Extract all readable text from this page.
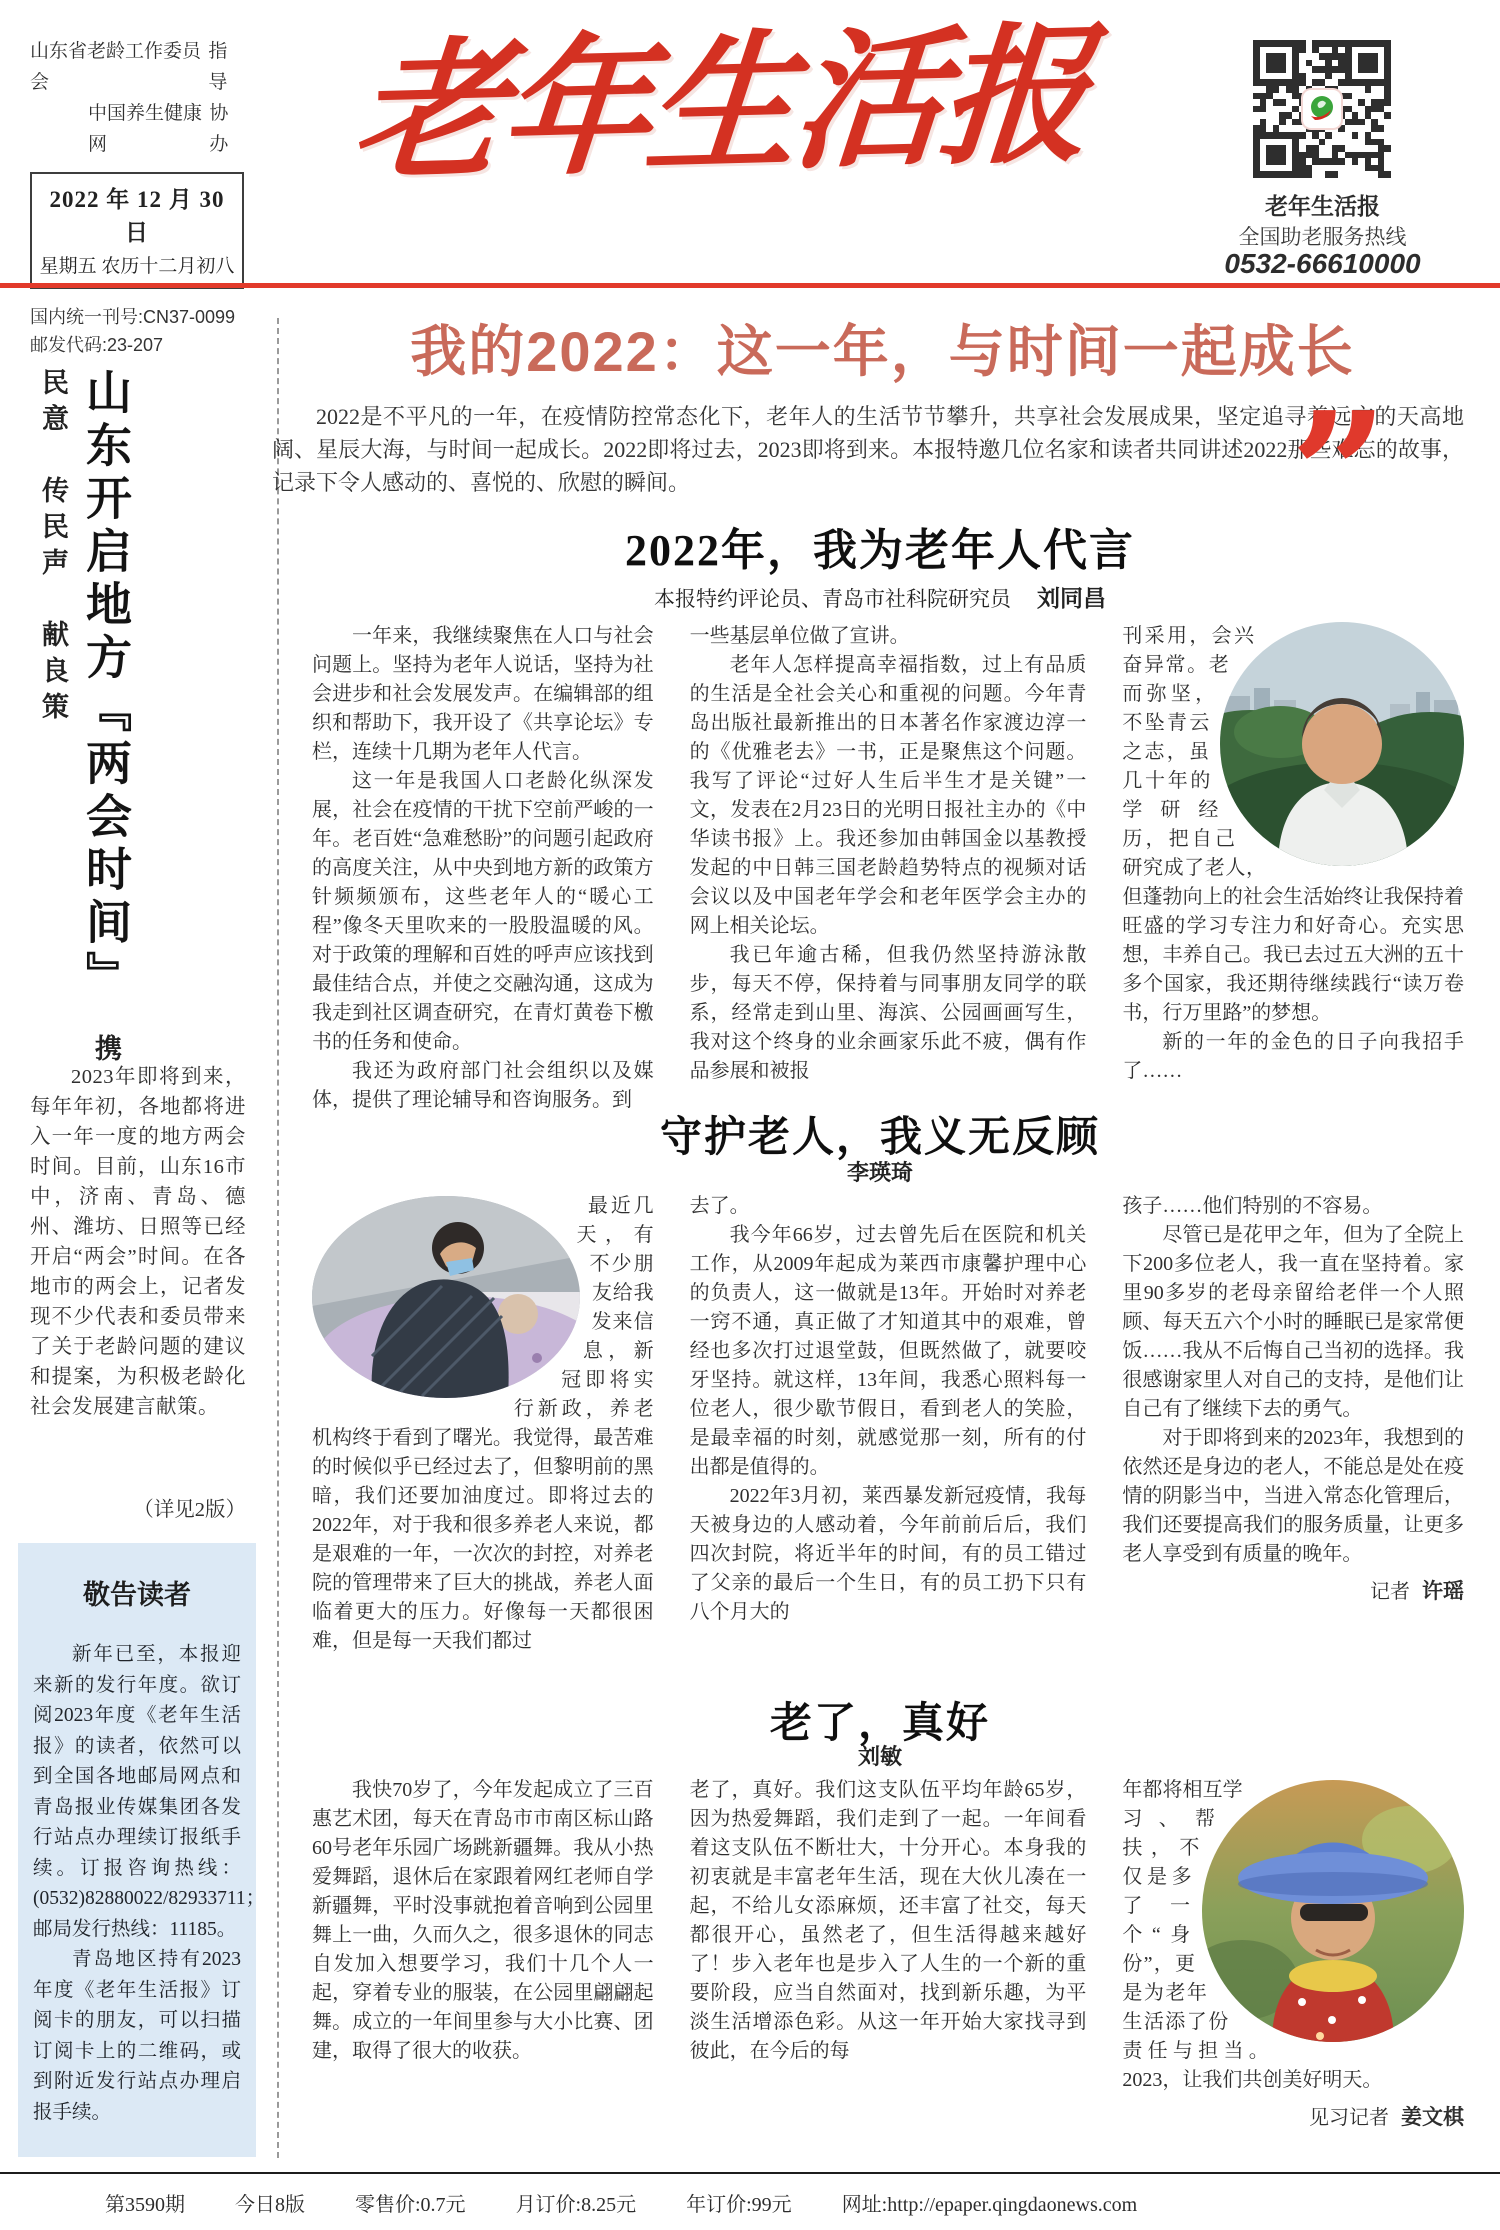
山东省老龄工作委员会
指导
中国养生健康网
协办
2022 年 12 月 30 日
星期五 农历十二月初八
国内统一刊号:CN37-0099
邮发代码:23-207
老年生活报
老年生活报
全国助老服务热线
0532-66610000
山东开启地方『两会时间』 携民意　传民声　献良策
2023年即将到来，每年年初，各地都将进入一年一度的地方两会时间。目前，山东16市中，济南、青岛、德州、潍坊、日照等已经开启“两会”时间。在各地市的两会上，记者发现不少代表和委员带来了关于老龄问题的建议和提案，为积极老龄化社会发展建言献策。
（详见2版）
敬告读者

新年已至，本报迎来新的发行年度。欲订阅2023年度《老年生活报》的读者，依然可以到全国各地邮局网点和青岛报业传媒集团各发行站点办理续订报纸手续。订报咨询热线：(0532)82880022/82933711；邮局发行热线：11185。

青岛地区持有2023年度《老年生活报》订阅卡的朋友，可以扫描订阅卡上的二维码，或到附近发行站点办理启报手续。

我的2022：这一年，与时间一起成长
2022是不平凡的一年，在疫情防控常态化下，老年人的生活节节攀升，共享社会发展成果，坚定追寻着远方的天高地阔、星辰大海，与时间一起成长。2022即将过去，2023即将到来。本报特邀几位名家和读者共同讲述2022那些难忘的故事，记录下令人感动的、喜悦的、欣慰的瞬间。	”
2022年，我为老年人代言
本报特约评论员、青岛市社科院研究员 刘同昌

一年来，我继续聚焦在人口与社会问题上。坚持为老年人说话，坚持为社会进步和社会发展发声。在编辑部的组织和帮助下，我开设了《共享论坛》专栏，连续十几期为老年人代言。

这一年是我国人口老龄化纵深发展，社会在疫情的干扰下空前严峻的一年。老百姓“急难愁盼”的问题引起政府的高度关注，从中央到地方新的政策方针频频颁布，这些老年人的“暖心工程”像冬天里吹来的一股股温暖的风。对于政策的理解和百姓的呼声应该找到最佳结合点，并使之交融沟通，这成为我走到社区调查研究，在青灯黄卷下檄书的任务和使命。

我还为政府部门社会组织以及媒体，提供了理论辅导和咨询服务。到

一些基层单位做了宣讲。

老年人怎样提高幸福指数，过上有品质的生活是全社会关心和重视的问题。今年青岛出版社最新推出的日本著名作家渡边淳一的《优雅老去》一书，正是聚焦这个问题。我写了评论“过好人生后半生才是关键”一文，发表在2月23日的光明日报社主办的《中华读书报》上。我还参加由韩国金以基教授发起的中日韩三国老龄趋势特点的视频对话会议以及中国老年学会和老年医学会主办的网上相关论坛。

我已年逾古稀，但我仍然坚持游泳散步，每天不停，保持着与同事朋友同学的联系，经常走到山里、海滨、公园画画写生，我对这个终身的业余画家乐此不疲，偶有作品参展和被报

刊采用，会兴奋异常。老而弥坚，不坠青云之志，虽几十年的学研经历，把自己研究成了老人，但蓬勃向上的社会生活始终让我保持着旺盛的学习专注力和好奇心。充实思想，丰养自己。我已去过五大洲的五十多个国家，我还期待继续践行“读万卷书，行万里路”的梦想。

新的一年的金色的日子向我招手了……

守护老人，我义无反顾
李瑛琦

最近几天，有不少朋友给我发来信息，新冠即将实行新政，养老机构终于看到了曙光。我觉得，最苦难的时候似乎已经过去了，但黎明前的黑暗，我们还要加油度过。即将过去的2022年，对于我和很多养老人来说，都是艰难的一年，一次次的封控，对养老院的管理带来了巨大的挑战，养老人面临着更大的压力。好像每一天都很困难，但是每一天我们都过

去了。

我今年66岁，过去曾先后在医院和机关工作，从2009年起成为莱西市康馨护理中心的负责人，这一做就是13年。开始时对养老一窍不通，真正做了才知道其中的艰难，曾经也多次打过退堂鼓，但既然做了，就要咬牙坚持。就这样，13年间，我悉心照料每一位老人，很少歇节假日，看到老人的笑脸，是最幸福的时刻，就感觉那一刻，所有的付出都是值得的。

2022年3月初，莱西暴发新冠疫情，我每天被身边的人感动着，今年前前后后，我们四次封院，将近半年的时间，有的员工错过了父亲的最后一个生日，有的员工扔下只有八个月大的

孩子……他们特别的不容易。

尽管已是花甲之年，但为了全院上下200多位老人，我一直在坚持着。家里90多岁的老母亲留给老伴一个人照顾、每天五六个小时的睡眠已是家常便饭……我从不后悔自己当初的选择。我很感谢家里人对自己的支持，是他们让自己有了继续下去的勇气。

对于即将到来的2023年，我想到的依然还是身边的老人，不能总是处在疫情的阴影当中，当进入常态化管理后，我们还要提高我们的服务质量，让更多老人享受到有质量的晚年。

记者 许瑶
老了，真好
刘敏

我快70岁了，今年发起成立了三百惠艺术团，每天在青岛市市南区标山路60号老年乐园广场跳新疆舞。我从小热爱舞蹈，退休后在家跟着网红老师自学新疆舞，平时没事就抱着音响到公园里舞上一曲，久而久之，很多退休的同志自发加入想要学习，我们十几个人一起，穿着专业的服装，在公园里翩翩起舞。成立的一年间里参与大小比赛、团建，取得了很大的收获。

老了，真好。我们这支队伍平均年龄65岁，因为热爱舞蹈，我们走到了一起。一年间看着这支队伍不断壮大，十分开心。本身我的初衷就是丰富老年生活，现在大伙儿凑在一起，不给儿女添麻烦，还丰富了社交，每天都很开心，虽然老了，但生活得越来越好了！步入老年也是步入了人生的一个新的重要阶段，应当自然面对，找到新乐趣，为平淡生活增添色彩。从这一年开始大家找寻到彼此，在今后的每

年都将相互学习、帮扶，不仅是多了一个“身份”，更是为老年生活添了份责任与担当。2023，让我们共创美好明天。

见习记者 姜文棋
第3590期	今日8版	零售价:0.7元	月订价:8.25元	年订价:99元	网址:http://epaper.qingdaonews.com
